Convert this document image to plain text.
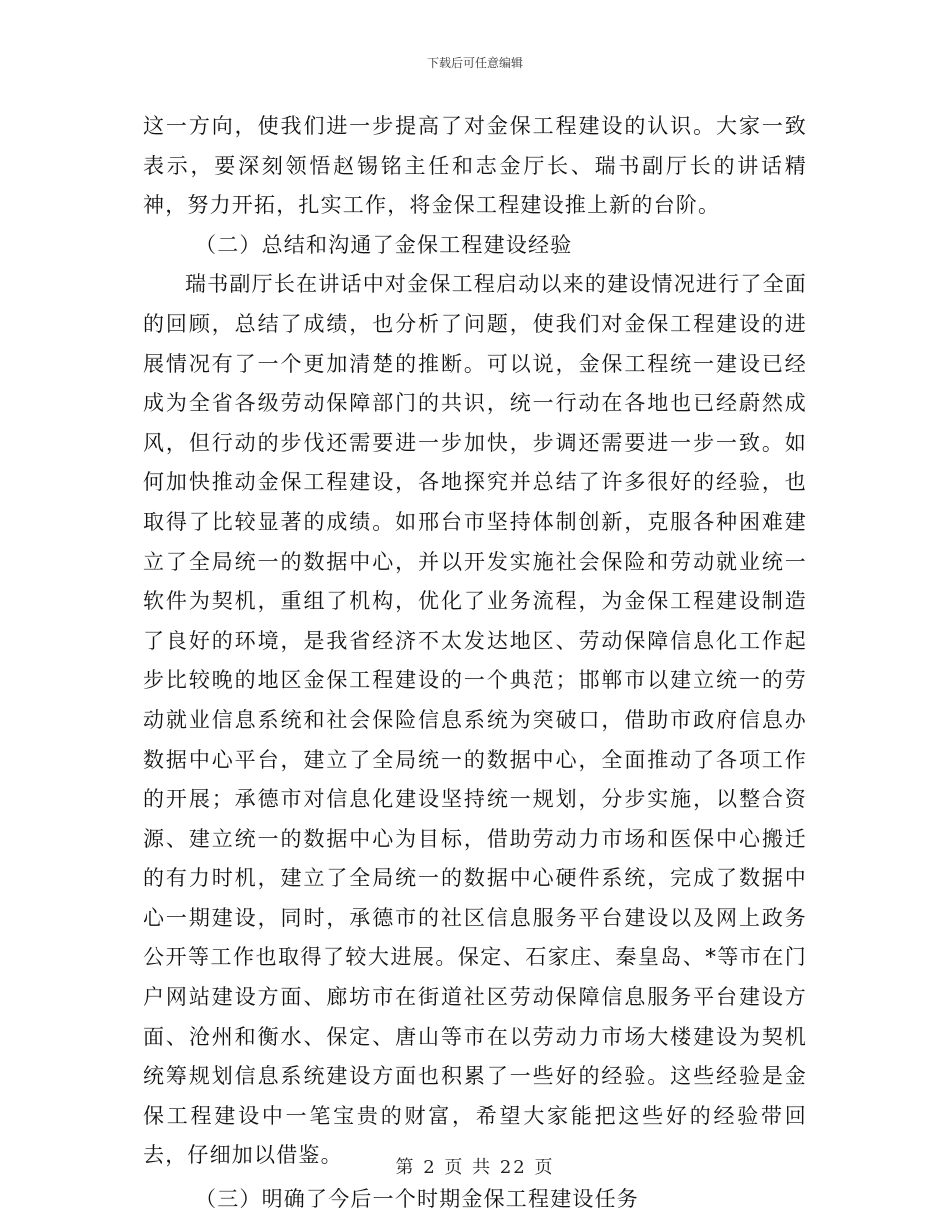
下载后可任意编辑

这一方向，使我们进一步提高了对金保工程建设的认识。大家一致表示，要深刻领悟赵锡铭主任和志金厅长、瑞书副厅长的讲话精神，努力开拓，扎实工作，将金保工程建设推上新的台阶。

（二）总结和沟通了金保工程建设经验

瑞书副厅长在讲话中对金保工程启动以来的建设情况进行了全面的回顾，总结了成绩，也分析了问题，使我们对金保工程建设的进展情况有了一个更加清楚的推断。可以说，金保工程统一建设已经成为全省各级劳动保障部门的共识，统一行动在各地也已经蔚然成风，但行动的步伐还需要进一步加快，步调还需要进一步一致。如何加快推动金保工程建设，各地探究并总结了许多很好的经验，也取得了比较显著的成绩。如邢台市坚持体制创新，克服各种困难建立了全局统一的数据中心，并以开发实施社会保险和劳动就业统一软件为契机，重组了机构，优化了业务流程，为金保工程建设制造了良好的环境，是我省经济不太发达地区、劳动保障信息化工作起步比较晚的地区金保工程建设的一个典范；邯郸市以建立统一的劳动就业信息系统和社会保险信息系统为突破口，借助市政府信息办数据中心平台，建立了全局统一的数据中心，全面推动了各项工作的开展；承德市对信息化建设坚持统一规划，分步实施，以整合资源、建立统一的数据中心为目标，借助劳动力市场和医保中心搬迁的有力时机，建立了全局统一的数据中心硬件系统，完成了数据中心一期建设，同时，承德市的社区信息服务平台建设以及网上政务公开等工作也取得了较大进展。保定、石家庄、秦皇岛、*等市在门户网站建设方面、廊坊市在街道社区劳动保障信息服务平台建设方面、沧州和衡水、保定、唐山等市在以劳动力市场大楼建设为契机统筹规划信息系统建设方面也积累了一些好的经验。这些经验是金保工程建设中一笔宝贵的财富，希望大家能把这些好的经验带回去，仔细加以借鉴。

（三）明确了今后一个时期金保工程建设任务

第 2 页 共 22 页
